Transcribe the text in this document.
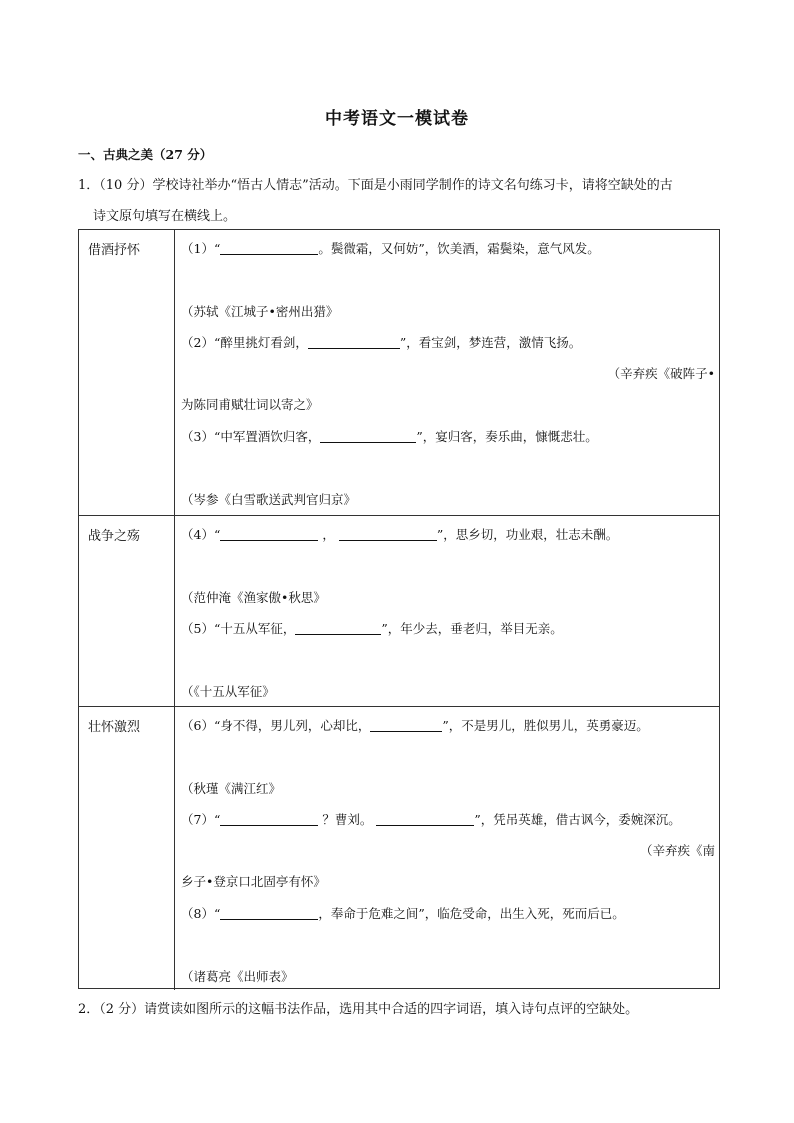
中考语文一模试卷
一、古典之美（27 分）
1．（10 分）学校诗社举办“悟古人情志”活动。下面是小雨同学制作的诗文名句练习卡，请将空缺处的古
诗文原句填写在横线上。
借酒抒怀	（1）“	。鬓微霜，又何妨”，饮美酒，霜鬓染，意气风发。
（苏轼《江城子•密州出猎》
（2）“醉里挑灯看剑，	”，看宝剑，梦连营，激情飞扬。
（辛弃疾《破阵子•
为陈同甫赋壮词以寄之》
（3）“中军置酒饮归客，	”，宴归客，奏乐曲，慷慨悲壮。
（岑参《白雪歌送武判官归京》
战争之殇	（4）“	，	”，思乡切，功业艰，壮志未酬。
（范仲淹《渔家傲•秋思》
（5）“十五从军征，	”，年少去，垂老归，举目无亲。
（《十五从军征》
壮怀激烈	（6）“身不得，男儿列，心却比，	”，不是男儿，胜似男儿，英勇豪迈。
（秋瑾《满江红》
（7）“	？曹刘。	”，凭吊英雄，借古讽今，委婉深沉。
（辛弃疾《南
乡子•登京口北固亭有怀》
（8）“	，奉命于危难之间”，临危受命，出生入死，死而后已。
（诸葛亮《出师表》
2．（2 分）请赏读如图所示的这幅书法作品，选用其中合适的四字词语，填入诗句点评的空缺处。
